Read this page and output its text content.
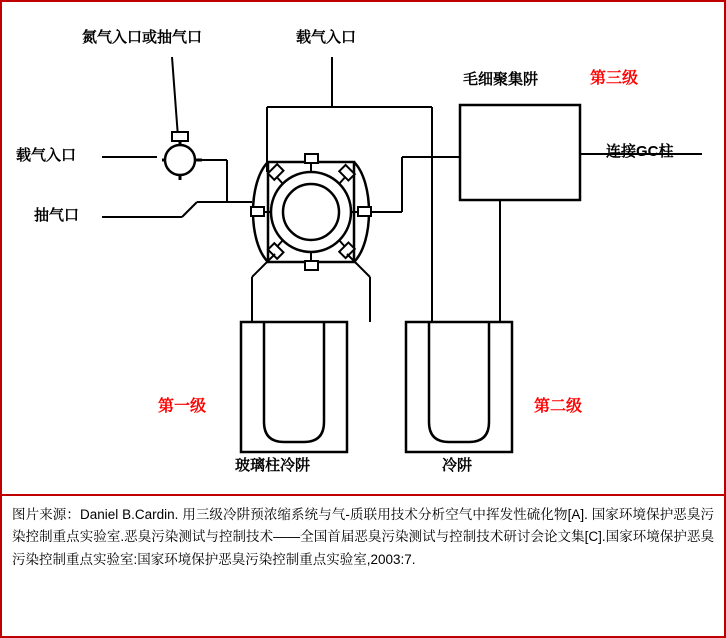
氮气入口或抽气口	载气入口
载气入口
抽气口
毛细聚集阱	第三级
连接GC柱
第一级	第二级
玻璃柱冷阱	冷阱
图片来源：Daniel B.Cardin. 用三级冷阱预浓缩系统与气-质联用技术分析空气中挥发性硫化物[A]. 国家环境保护恶臭污染控制重点实验室.恶臭污染测试与控制技术——全国首届恶臭污染测试与控制技术研讨会论文集[C].国家环境保护恶臭污染控制重点实验室:国家环境保护恶臭污染控制重点实验室,2003:7.
